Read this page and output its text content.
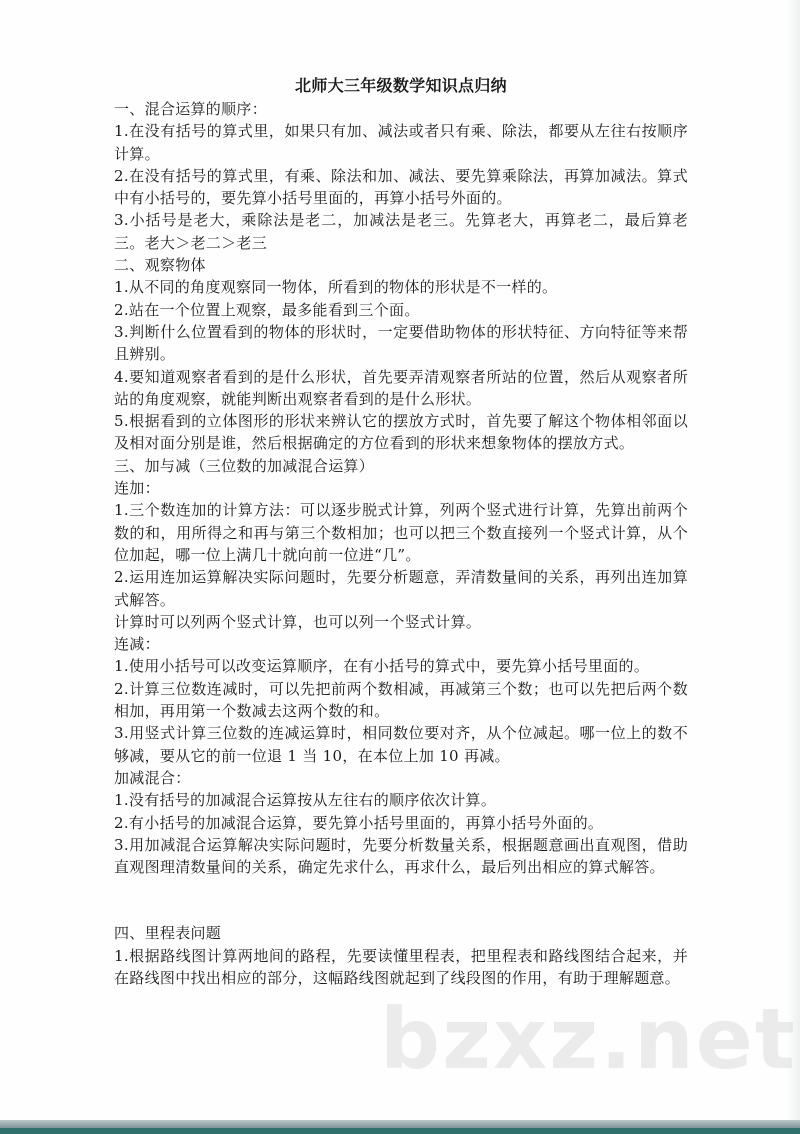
北师大三年级数学知识点归纳
一、混合运算的顺序：
1.在没有括号的算式里，如果只有加、减法或者只有乘、除法，都要从左往右按顺序计算。
2.在没有括号的算式里，有乘、除法和加、减法、要先算乘除法，再算加减法。算式中有小括号的，要先算小括号里面的，再算小括号外面的。
3.小括号是老大，乘除法是老二，加减法是老三。先算老大，再算老二，最后算老三。老大＞老二＞老三
二、观察物体
1.从不同的角度观察同一物体，所看到的物体的形状是不一样的。
2.站在一个位置上观察，最多能看到三个面。
3.判断什么位置看到的物体的形状时，一定要借助物体的形状特征、方向特征等来帮且辨别。
4.要知道观察者看到的是什么形状，首先要弄清观察者所站的位置，然后从观察者所站的角度观察，就能判断出观察者看到的是什么形状。
5.根据看到的立体图形的形状来辨认它的摆放方式时，首先要了解这个物体相邻面以及相对面分别是谁，然后根据确定的方位看到的形状来想象物体的摆放方式。
三、加与减（三位数的加减混合运算）
连加：
1.三个数连加的计算方法：可以逐步脱式计算，列两个竖式进行计算，先算出前两个数的和，用所得之和再与第三个数相加；也可以把三个数直接列一个竖式计算，从个位加起，哪一位上满几十就向前一位进“几”。
2.运用连加运算解决实际问题时，先要分析题意，弄清数量间的关系，再列出连加算式解答。
计算时可以列两个竖式计算，也可以列一个竖式计算。
连减：
1.使用小括号可以改变运算顺序，在有小括号的算式中，要先算小括号里面的。
2.计算三位数连减时，可以先把前两个数相减，再减第三个数；也可以先把后两个数相加，再用第一个数减去这两个数的和。
3.用竖式计算三位数的连减运算时，相同数位要对齐，从个位减起。哪一位上的数不够减，要从它的前一位退 1 当 10，在本位上加 10 再减。
加减混合：
1.没有括号的加减混合运算按从左往右的顺序依次计算。
2.有小括号的加减混合运算，要先算小括号里面的，再算小括号外面的。
3.用加减混合运算解决实际问题时，先要分析数量关系，根据题意画出直观图，借助直观图理清数量间的关系，确定先求什么，再求什么，最后列出相应的算式解答。
四、里程表问题
1.根据路线图计算两地间的路程，先要读懂里程表，把里程表和路线图结合起来，并在路线图中找出相应的部分，这幅路线图就起到了线段图的作用，有助于理解题意。
bzxz.net
